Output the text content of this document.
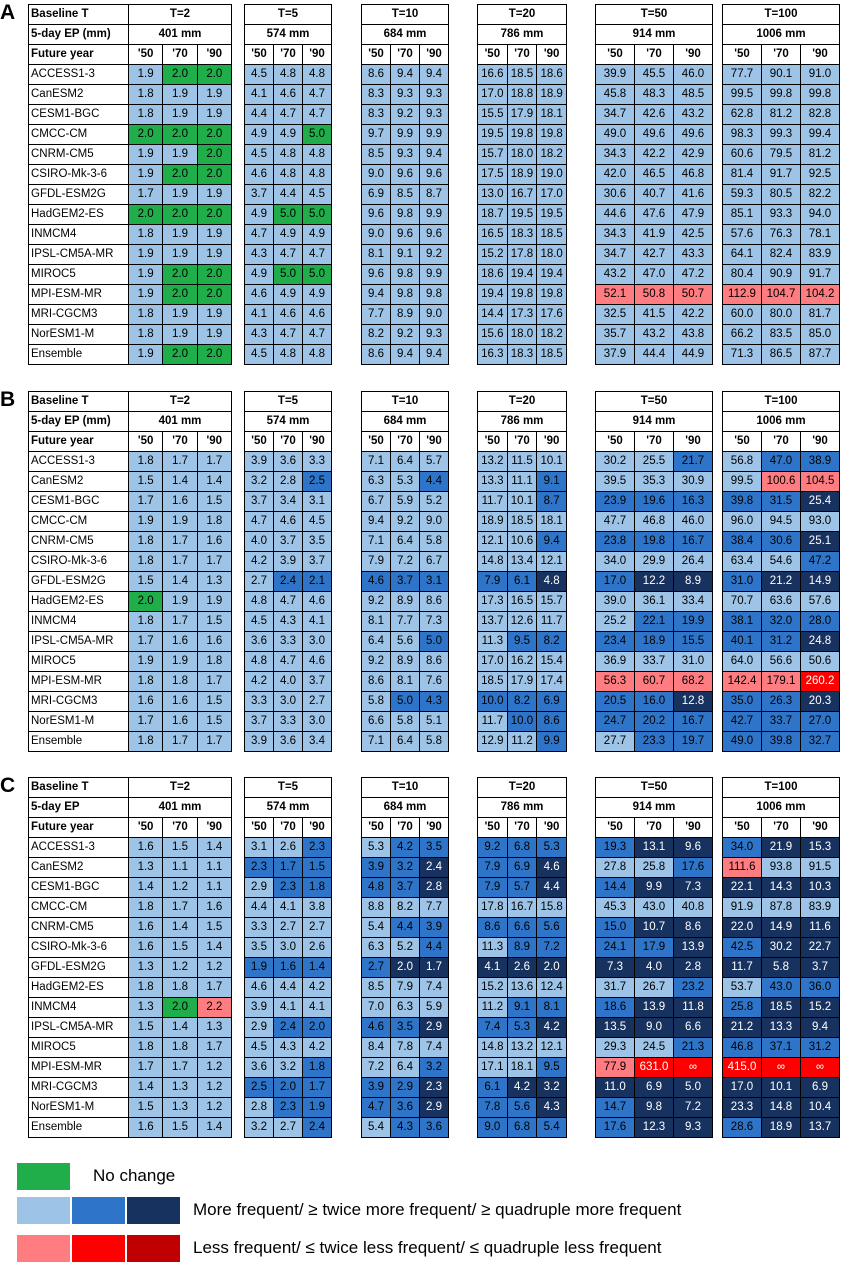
A Baseline T	T=2		
5-day EP (mm)	401 mm		
Future year	'50	'70	'90
ACCESS1-3	1.9	2.0	2.0
CanESM2	1.8	1.9	1.9
CESM1-BGC	1.8	1.9	1.9
CMCC-CM	2.0	2.0	2.0
CNRM-CM5	1.9	1.9	2.0
CSIRO-Mk-3-6	1.9	2.0	2.0
GFDL-ESM2G	1.7	1.9	1.9
HadGEM2-ES	2.0	2.0	2.0
INMCM4	1.8	1.9	1.9
IPSL-CM5A-MR	1.9	1.9	1.9
MIROC5	1.9	2.0	2.0
MPI-ESM-MR	1.9	2.0	2.0
MRI-CGCM3	1.8	1.9	1.9
NorESM1-M	1.8	1.9	1.9
Ensemble	1.9	2.0	2.0
T=5		
574 mm		
'50	'70	'90
4.5	4.8	4.8
4.1	4.6	4.7
4.4	4.7	4.7
4.9	4.9	5.0
4.5	4.8	4.8
4.6	4.8	4.8
3.7	4.4	4.5
4.9	5.0	5.0
4.7	4.9	4.9
4.3	4.7	4.7
4.9	5.0	5.0
4.6	4.9	4.9
4.1	4.6	4.6
4.3	4.7	4.7
4.5	4.8	4.8
T=10		
684 mm		
'50	'70	'90
8.6	9.4	9.4
8.3	9.3	9.3
8.3	9.2	9.3
9.7	9.9	9.9
8.5	9.3	9.4
9.0	9.6	9.6
6.9	8.5	8.7
9.6	9.8	9.9
9.0	9.6	9.6
8.1	9.1	9.2
9.6	9.8	9.9
9.4	9.8	9.8
7.7	8.9	9.0
8.2	9.2	9.3
8.6	9.4	9.4
T=20		
786 mm		
'50	'70	'90
16.6	18.5	18.6
17.0	18.8	18.9
15.5	17.9	18.1
19.5	19.8	19.8
15.7	18.0	18.2
17.5	18.9	19.0
13.0	16.7	17.0
18.7	19.5	19.5
16.5	18.3	18.5
15.2	17.8	18.0
18.6	19.4	19.4
19.4	19.8	19.8
14.4	17.3	17.6
15.6	18.0	18.2
16.3	18.3	18.5
T=50		
914 mm		
'50	'70	'90
39.9	45.5	46.0
45.8	48.3	48.5
34.7	42.6	43.2
49.0	49.6	49.6
34.3	42.2	42.9
42.0	46.5	46.8
30.6	40.7	41.6
44.6	47.6	47.9
34.3	41.9	42.5
34.7	42.7	43.3
43.2	47.0	47.2
52.1	50.8	50.7
32.5	41.5	42.2
35.7	43.2	43.8
37.9	44.4	44.9
T=100		
1006 mm		
'50	'70	'90
77.7	90.1	91.0
99.5	99.8	99.8
62.8	81.2	82.8
98.3	99.3	99.4
60.6	79.5	81.2
81.4	91.7	92.5
59.3	80.5	82.2
85.1	93.3	94.0
57.6	76.3	78.1
64.1	82.4	83.9
80.4	90.9	91.7
112.9	104.7	104.2
60.0	80.0	81.7
66.2	83.5	85.0
71.3	86.5	87.7
B Baseline T	T=2		
5-day EP (mm)	401 mm		
Future year	'50	'70	'90
ACCESS1-3	1.8	1.7	1.7
CanESM2	1.5	1.4	1.4
CESM1-BGC	1.7	1.6	1.5
CMCC-CM	1.9	1.9	1.8
CNRM-CM5	1.8	1.7	1.6
CSIRO-Mk-3-6	1.8	1.7	1.7
GFDL-ESM2G	1.5	1.4	1.3
HadGEM2-ES	2.0	1.9	1.9
INMCM4	1.8	1.7	1.5
IPSL-CM5A-MR	1.7	1.6	1.6
MIROC5	1.9	1.9	1.8
MPI-ESM-MR	1.8	1.8	1.7
MRI-CGCM3	1.6	1.6	1.5
NorESM1-M	1.7	1.6	1.5
Ensemble	1.8	1.7	1.7
T=5		
574 mm		
'50	'70	'90
3.9	3.6	3.3
3.2	2.8	2.5
3.7	3.4	3.1
4.7	4.6	4.5
4.0	3.7	3.5
4.2	3.9	3.7
2.7	2.4	2.1
4.8	4.7	4.6
4.5	4.3	4.1
3.6	3.3	3.0
4.8	4.7	4.6
4.2	4.0	3.7
3.3	3.0	2.7
3.7	3.3	3.0
3.9	3.6	3.4
T=10		
684 mm		
'50	'70	'90
7.1	6.4	5.7
6.3	5.3	4.4
6.7	5.9	5.2
9.4	9.2	9.0
7.1	6.4	5.8
7.9	7.2	6.7
4.6	3.7	3.1
9.2	8.9	8.6
8.1	7.7	7.3
6.4	5.6	5.0
9.2	8.9	8.6
8.6	8.1	7.6
5.8	5.0	4.3
6.6	5.8	5.1
7.1	6.4	5.8
T=20		
786 mm		
'50	'70	'90
13.2	11.5	10.1
13.3	11.1	9.1
11.7	10.1	8.7
18.9	18.5	18.1
12.1	10.6	9.4
14.8	13.4	12.1
7.9	6.1	4.8
17.3	16.5	15.7
13.7	12.6	11.7
11.3	9.5	8.2
17.0	16.2	15.4
18.5	17.9	17.4
10.0	8.2	6.9
11.7	10.0	8.6
12.9	11.2	9.9
T=50		
914 mm		
'50	'70	'90
30.2	25.5	21.7
39.5	35.3	30.9
23.9	19.6	16.3
47.7	46.8	46.0
23.8	19.8	16.7
34.0	29.9	26.4
17.0	12.2	8.9
39.0	36.1	33.4
25.2	22.1	19.9
23.4	18.9	15.5
36.9	33.7	31.0
56.3	60.7	68.2
20.5	16.0	12.8
24.7	20.2	16.7
27.7	23.3	19.7
T=100		
1006 mm		
'50	'70	'90
56.8	47.0	38.9
99.5	100.6	104.5
39.8	31.5	25.4
96.0	94.5	93.0
38.4	30.6	25.1
63.4	54.6	47.2
31.0	21.2	14.9
70.7	63.6	57.6
38.1	32.0	28.0
40.1	31.2	24.8
64.0	56.6	50.6
142.4	179.1	260.2
35.0	26.3	20.3
42.7	33.7	27.0
49.0	39.8	32.7
C Baseline T	T=2		
5-day EP	401 mm		
Future year	'50	'70	'90
ACCESS1-3	1.6	1.5	1.4
CanESM2	1.3	1.1	1.1
CESM1-BGC	1.4	1.2	1.1
CMCC-CM	1.8	1.7	1.6
CNRM-CM5	1.6	1.4	1.5
CSIRO-Mk-3-6	1.6	1.5	1.4
GFDL-ESM2G	1.3	1.2	1.2
HadGEM2-ES	1.8	1.8	1.7
INMCM4	1.3	2.0	2.2
IPSL-CM5A-MR	1.5	1.4	1.3
MIROC5	1.8	1.8	1.7
MPI-ESM-MR	1.7	1.7	1.2
MRI-CGCM3	1.4	1.3	1.2
NorESM1-M	1.5	1.3	1.2
Ensemble	1.6	1.5	1.4
T=5		
574 mm		
'50	'70	'90
3.1	2.6	2.3
2.3	1.7	1.5
2.9	2.3	1.8
4.4	4.1	3.8
3.3	2.7	2.7
3.5	3.0	2.6
1.9	1.6	1.4
4.6	4.4	4.2
3.9	4.1	4.1
2.9	2.4	2.0
4.5	4.3	4.2
3.6	3.2	1.8
2.5	2.0	1.7
2.8	2.3	1.9
3.2	2.7	2.4
T=10		
684 mm		
'50	'70	'90
5.3	4.2	3.5
3.9	3.2	2.4
4.8	3.7	2.8
8.8	8.2	7.7
5.4	4.4	3.9
6.3	5.2	4.4
2.7	2.0	1.7
8.5	7.9	7.4
7.0	6.3	5.9
4.6	3.5	2.9
8.4	7.8	7.4
7.2	6.4	3.2
3.9	2.9	2.3
4.7	3.6	2.9
5.4	4.3	3.6
T=20		
786 mm		
'50	'70	'90
9.2	6.8	5.3
7.9	6.9	4.6
7.9	5.7	4.4
17.8	16.7	15.8
8.6	6.6	5.6
11.3	8.9	7.2
4.1	2.6	2.0
15.2	13.6	12.4
11.2	9.1	8.1
7.4	5.3	4.2
14.8	13.2	12.1
17.1	18.1	9.5
6.1	4.2	3.2
7.8	5.6	4.3
9.0	6.8	5.4
T=50		
914 mm		
'50	'70	'90
19.3	13.1	9.6
27.8	25.8	17.6
14.4	9.9	7.3
45.3	43.0	40.8
15.0	10.7	8.6
24.1	17.9	13.9
7.3	4.0	2.8
31.7	26.7	23.2
18.6	13.9	11.8
13.5	9.0	6.6
29.3	24.5	21.3
77.9	631.0	∞
11.0	6.9	5.0
14.7	9.8	7.2
17.6	12.3	9.3
T=100		
1006 mm		
'50	'70	'90
34.0	21.9	15.3
111.6	93.8	91.5
22.1	14.3	10.3
91.9	87.8	83.9
22.0	14.9	11.6
42.5	30.2	22.7
11.7	5.8	3.7
53.7	43.0	36.0
25.8	18.5	15.2
21.2	13.3	9.4
46.8	37.1	31.2
415.0	∞	∞
17.0	10.1	6.9
23.3	14.8	10.4
28.6	18.9	13.7
No change
More frequent/ ≥ twice more frequent/ ≥ quadruple more frequent
Less frequent/ ≤ twice less frequent/ ≤ quadruple less frequent
